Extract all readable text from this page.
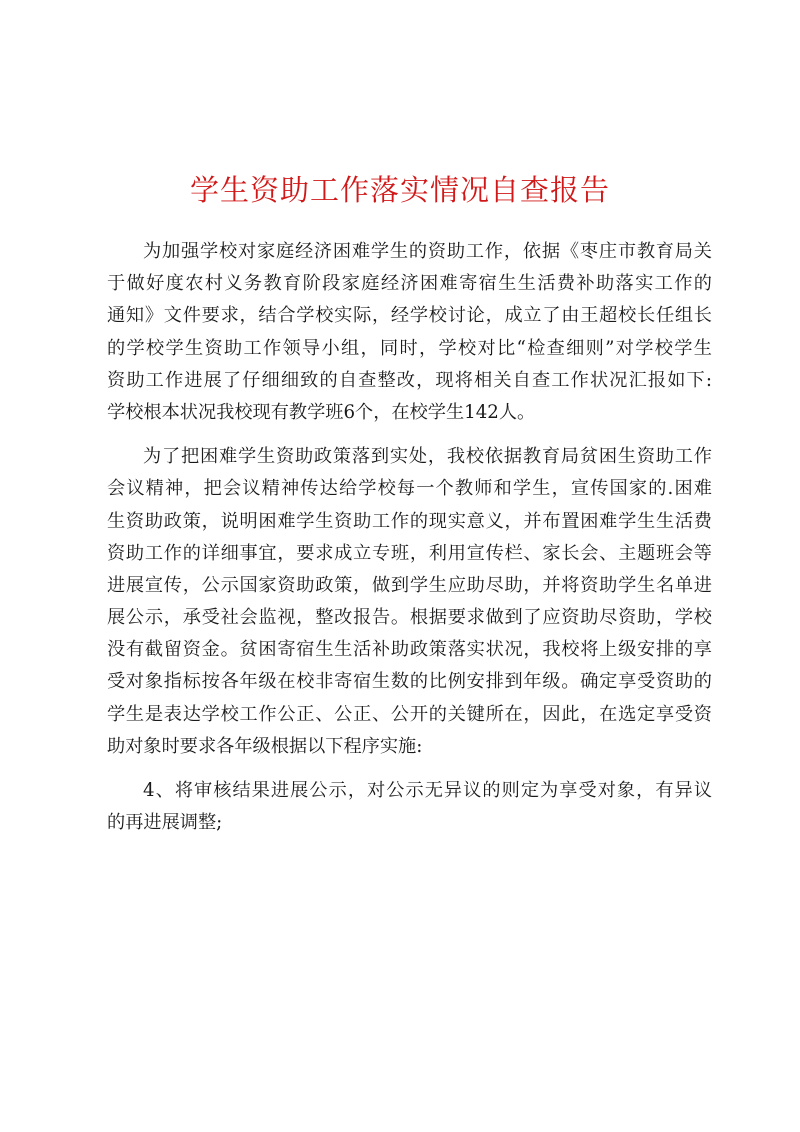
学生资助工作落实情况自查报告
为加强学校对家庭经济困难学生的资助工作，依据《枣庄市教育局关
于做好度农村义务教育阶段家庭经济困难寄宿生生活费补助落实工作的
通知》文件要求，结合学校实际，经学校讨论，成立了由王超校长任组长
的学校学生资助工作领导小组，同时，学校对比“检查细则”对学校学生
资助工作进展了仔细细致的自查整改，现将相关自查工作状况汇报如下:
学校根本状况我校现有教学班6个，在校学生142人。
为了把困难学生资助政策落到实处，我校依据教育局贫困生资助工作
会议精神，把会议精神传达给学校每一个教师和学生，宣传国家的.困难
生资助政策，说明困难学生资助工作的现实意义，并布置困难学生生活费
资助工作的详细事宜，要求成立专班，利用宣传栏、家长会、主题班会等
进展宣传，公示国家资助政策，做到学生应助尽助，并将资助学生名单进
展公示，承受社会监视，整改报告。根据要求做到了应资助尽资助，学校
没有截留资金。贫困寄宿生生活补助政策落实状况，我校将上级安排的享
受对象指标按各年级在校非寄宿生数的比例安排到年级。确定享受资助的
学生是表达学校工作公正、公正、公开的关键所在，因此，在选定享受资
助对象时要求各年级根据以下程序实施:
4、将审核结果进展公示，对公示无异议的则定为享受对象，有异议
的再进展调整;
